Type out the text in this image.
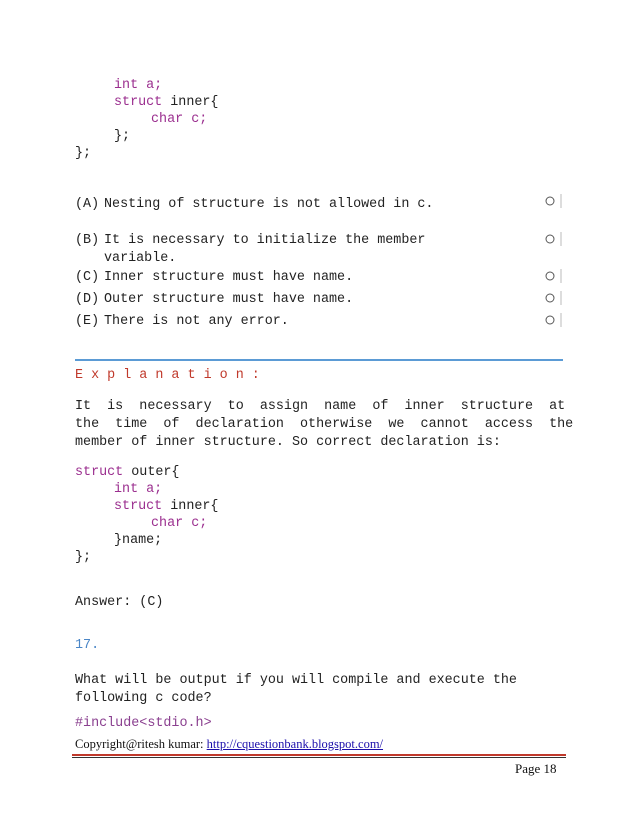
int a;
struct inner{
char c;
};
};
(A) Nesting of structure is not allowed in c.
(B) It is necessary to initialize the member
variable.
(C) Inner structure must have name.
(D) Outer structure must have name.
(E) There is not any error.
E x p l a n a t i o n :
It  is  necessary  to  assign  name  of  inner  structure  at
the  time  of  declaration  otherwise  we  cannot  access  the
member of inner structure. So correct declaration is:
struct outer{
int a;
struct inner{
char c;
}name;
};
Answer: (C)
17.
What will be output if you will compile and execute the
following c code?
#include<stdio.h>
Copyright@ritesh kumar: http://cquestionbank.blogspot.com/
Page 18
